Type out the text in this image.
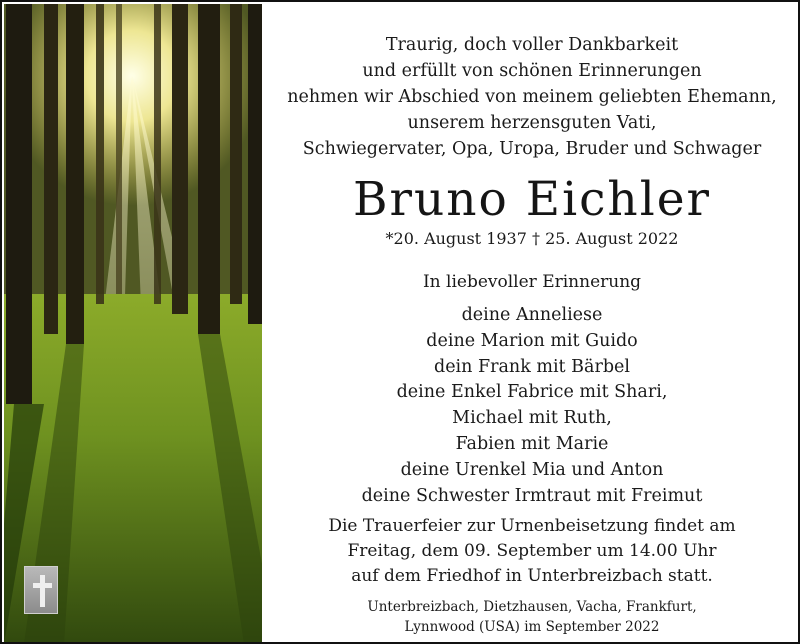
Traurig, doch voller Dankbarkeit
und erfüllt von schönen Erinnerungen
nehmen wir Abschied von meinem geliebten Ehemann,
unserem herzensguten Vati,
Schwiegervater, Opa, Uropa, Bruder und Schwager
Bruno Eichler
*20. August 1937 † 25. August 2022
In liebevoller Erinnerung
deine Anneliese
deine Marion mit Guido
dein Frank mit Bärbel
deine Enkel Fabrice mit Shari,
Michael mit Ruth,
Fabien mit Marie
deine Urenkel Mia und Anton
deine Schwester Irmtraut mit Freimut
Die Trauerfeier zur Urnenbeisetzung findet am
Freitag, dem 09. September um 14.00 Uhr
auf dem Friedhof in Unterbreizbach statt.
Unterbreizbach, Dietzhausen, Vacha, Frankfurt,
Lynnwood (USA) im September 2022
